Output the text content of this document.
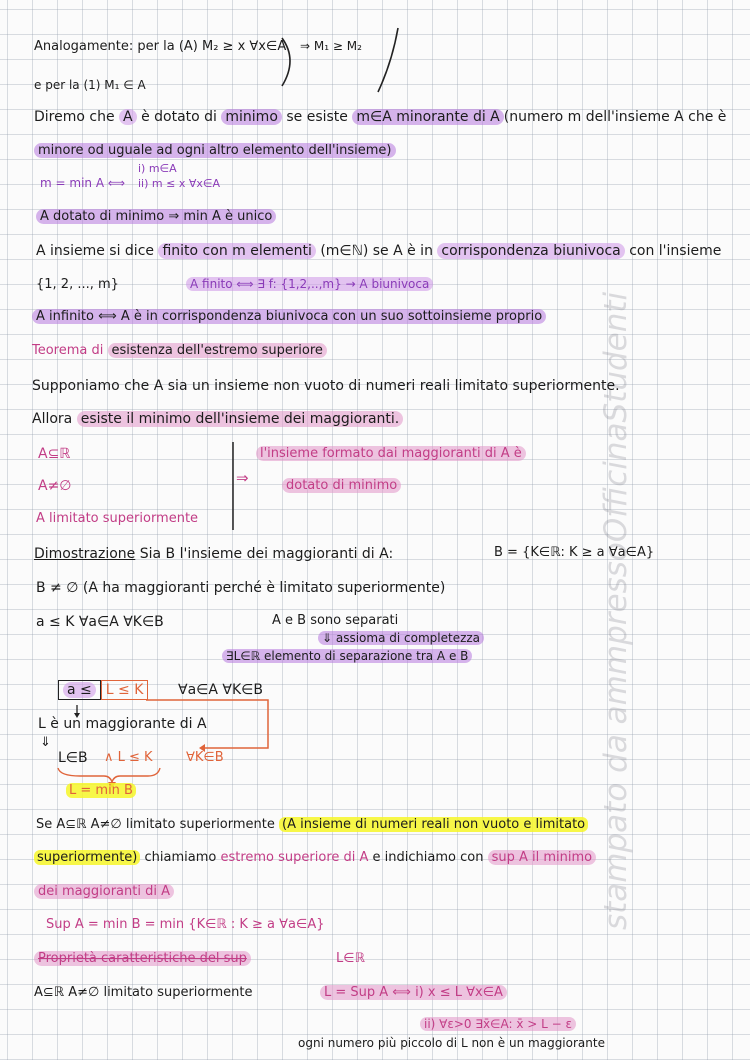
stampato da ammpressoOfficinaStudenti
Analogamente: per la (A) M₂ ≥ x ∀x∈A ⇒ M₁ ≥ M₂
e per la (1) M₁ ∈ A
Diremo che A è dotato di minimo se esiste m∈A minorante di A (numero m dell'insieme A che è
minore od uguale ad ogni altro elemento dell'insieme)
m = min A ⟺
i) m∈A
ii) m ≤ x ∀x∈A
A dotato di minimo ⇒ min A è unico
A insieme si dice finito con m elementi (m∈ℕ) se A è in corrispondenza biunivoca con l'insieme
{1, 2, ..., m}	A finito ⟺ ∃ f: {1,2,..,m} → A biunivoca
A infinito ⟺ A è in corrispondenza biunivoca con un suo sottoinsieme proprio
Teorema di esistenza dell'estremo superiore
Supponiamo che A sia un insieme non vuoto di numeri reali limitato superiormente.
Allora esiste il minimo dell'insieme dei maggioranti.
A⊆ℝ
A≠∅
A limitato superiormente
⇒
l'insieme formato dai maggioranti di A è
dotato di minimo
Dimostrazione Sia B l'insieme dei maggioranti di A:	B = {K∈ℝ: K ≥ a ∀a∈A}
B ≠ ∅ (A ha maggioranti perché è limitato superiormente)
a ≤ K ∀a∈A ∀K∈B	A e B sono separati
⇓ assioma di completezza
∃L∈ℝ elemento di separazione tra A e B
a ≤ L ≤ K	∀a∈A ∀K∈B
L è un maggiorante di A
⇓
L∈B ∧ L ≤ K	∀K∈B
L = min B
Se A⊆ℝ A≠∅ limitato superiormente (A insieme di numeri reali non vuoto e limitato
superiormente) chiamiamo estremo superiore di A e indichiamo con sup A il minimo
dei maggioranti di A
Sup A = min B = min {K∈ℝ : K ≥ a ∀a∈A}
Proprietà caratteristiche del sup	L∈ℝ
A⊆ℝ A≠∅ limitato superiormente	L = Sup A ⟺ i) x ≤ L ∀x∈A
ii) ∀ε>0 ∃x̄∈A: x̄ > L − ε
ogni numero più piccolo di L non è un maggiorante
